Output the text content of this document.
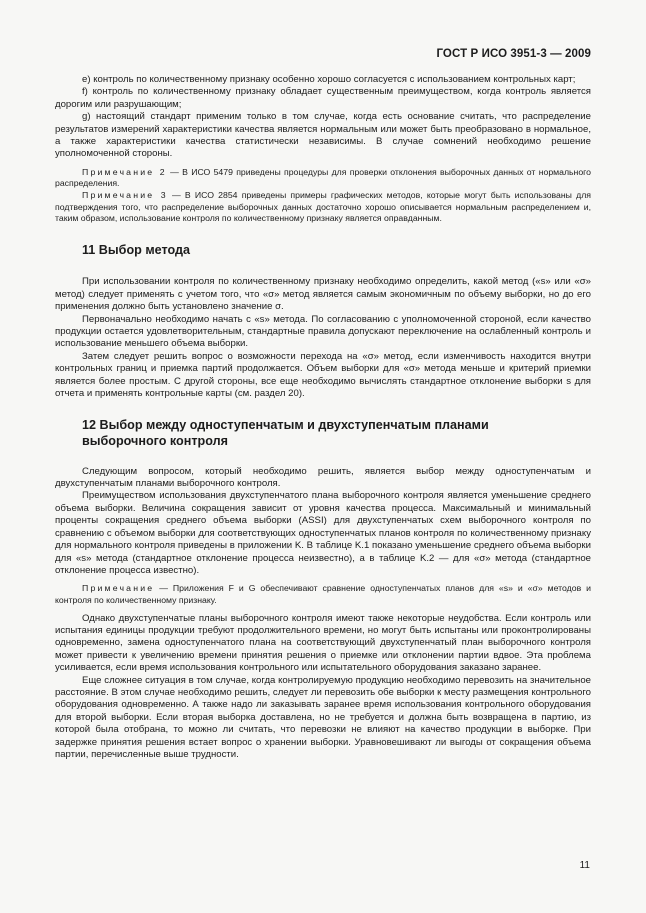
ГОСТ Р ИСО 3951-3 — 2009

e) контроль по количественному признаку особенно хорошо согласуется с использованием контрольных карт;

f) контроль по количественному признаку обладает существенным преимуществом, когда контроль является дорогим или разрушающим;

g) настоящий стандарт применим только в том случае, когда есть основание считать, что распределение результатов измерений характеристики качества является нормальным или может быть преобразовано в нормальное, а также характеристики качества статистически независимы. В случае сомнений необходимо решение уполномоченной стороны.

Примечание 2 — В ИСО 5479 приведены процедуры для проверки отклонения выборочных данных от нормального распределения.

Примечание 3 — В ИСО 2854 приведены примеры графических методов, которые могут быть использованы для подтверждения того, что распределение выборочных данных достаточно хорошо описывается нормальным распределением и, таким образом, использование контроля по количественному признаку является оправданным.

11 Выбор метода

При использовании контроля по количественному признаку необходимо определить, какой метод («s» или «σ» метод) следует применять с учетом того, что «σ» метод является самым экономичным по объему выборки, но до его применения должно быть установлено значение σ.

Первоначально необходимо начать с «s» метода. По согласованию с уполномоченной стороной, если качество продукции остается удовлетворительным, стандартные правила допускают переключение на ослабленный контроль и использование меньшего объема выборки.

Затем следует решить вопрос о возможности перехода на «σ» метод, если изменчивость находится внутри контрольных границ и приемка партий продолжается. Объем выборки для «σ» метода меньше и критерий приемки является более простым. С другой стороны, все еще необходимо вычислять стандартное отклонение выборки s для отчета и применять контрольные карты (см. раздел 20).

12 Выбор между одноступенчатым и двухступенчатым планами
выборочного контроля

Следующим вопросом, который необходимо решить, является выбор между одноступенчатым и двухступенчатым планами выборочного контроля.

Преимуществом использования двухступенчатого плана выборочного контроля является уменьшение среднего объема выборки. Величина сокращения зависит от уровня качества процесса. Максимальный и минимальный проценты сокращения среднего объема выборки (ASSI) для двухступенчатых схем выборочного контроля по сравнению с объемом выборки для соответствующих одноступенчатых планов контроля по количественному признаку для нормального контроля приведены в приложении K. В таблице K.1 показано уменьшение среднего объема выборки для «s» метода (стандартное отклонение процесса неизвестно), а в таблице K.2 — для «σ» метода (стандартное отклонение процесса известно).

Примечание — Приложения F и G обеспечивают сравнение одноступенчатых планов для «s» и «σ» методов и контроля по количественному признаку.

Однако двухступенчатые планы выборочного контроля имеют также некоторые неудобства. Если контроль или испытания единицы продукции требуют продолжительного времени, но могут быть испытаны или проконтролированы одновременно, замена одноступенчатого плана на соответствующий двухступенчатый план выборочного контроля может привести к увеличению времени принятия решения о приемке или отклонении партии вдвое. Эта проблема усиливается, если время использования контрольного или испытательного оборудования заказано заранее.

Еще сложнее ситуация в том случае, когда контролируемую продукцию необходимо перевозить на значительное расстояние. В этом случае необходимо решить, следует ли перевозить обе выборки к месту размещения контрольного оборудования одновременно. А также надо ли заказывать заранее время использования контрольного оборудования для второй выборки. Если вторая выборка доставлена, но не требуется и должна быть возвращена в партию, из которой была отобрана, то можно ли считать, что перевозки не влияют на качество продукции в выборке. При задержке принятия решения встает вопрос о хранении выборки. Уравновешивают ли выгоды от сокращения объема партии, перечисленные выше трудности.

11
